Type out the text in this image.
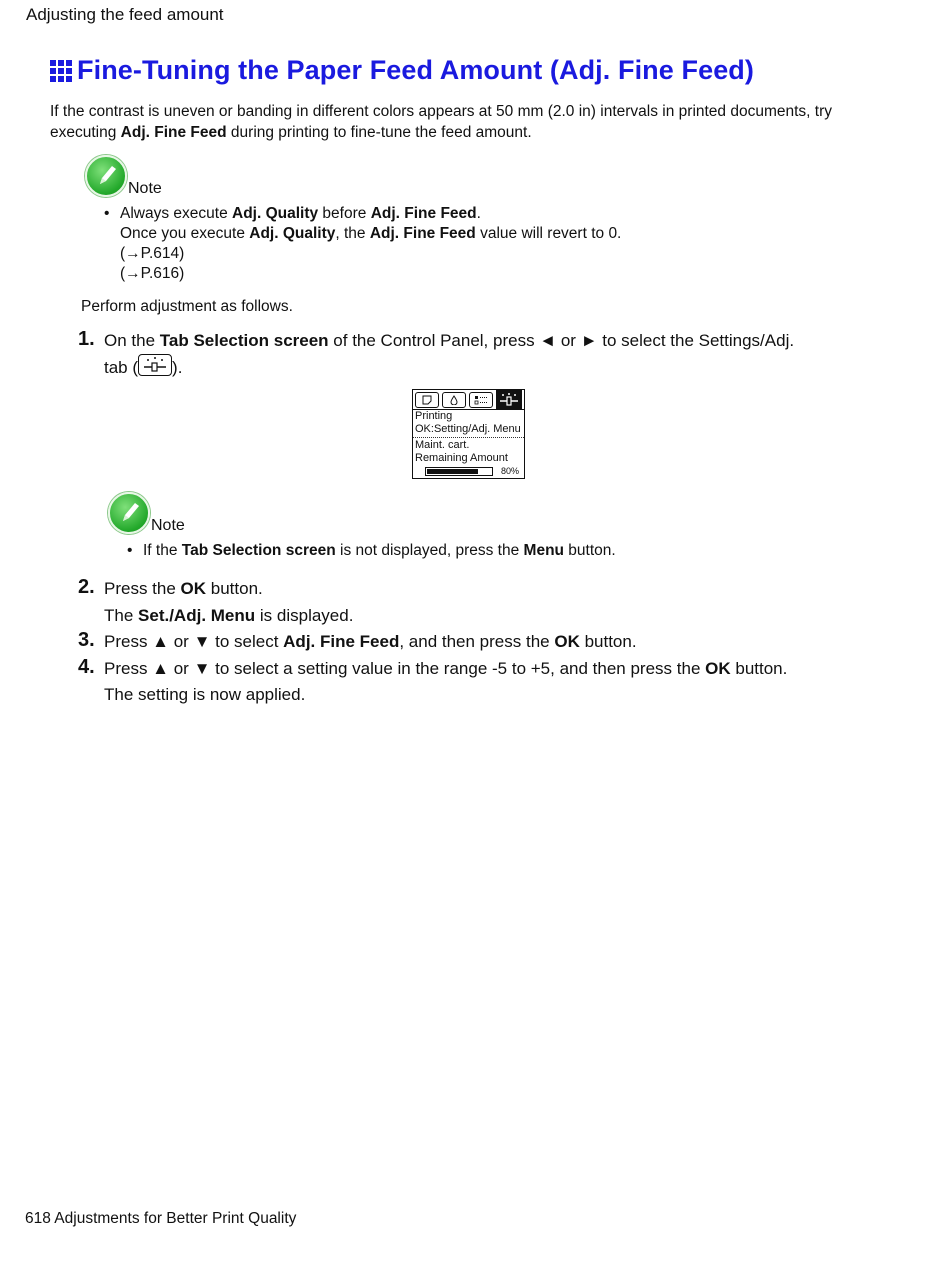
Adjusting the feed amount
Fine-Tuning the Paper Feed Amount (Adj. Fine Feed)
If the contrast is uneven or banding in different colors appears at 50 mm (2.0 in) intervals in printed documents, try
executing Adj. Fine Feed during printing to fine-tune the feed amount.
Note
• Always execute Adj. Quality before Adj. Fine Feed.
Once you execute Adj. Quality, the Adj. Fine Feed value will revert to 0.
(→P.614)
(→P.616)
Perform adjustment as follows.
1. On the Tab Selection screen of the Control Panel, press ◄ or ► to select the Settings/Adj.
tab ( ).
Printing
OK:Setting/Adj. Menu
Maint. cart.
Remaining Amount
80%
Note
• If the Tab Selection screen is not displayed, press the Menu button.
2. Press the OK button.
The Set./Adj. Menu is displayed.
3. Press ▲ or ▼ to select Adj. Fine Feed, and then press the OK button.
4. Press ▲ or ▼ to select a setting value in the range -5 to +5, and then press the OK button.
The setting is now applied.
618 Adjustments for Better Print Quality
